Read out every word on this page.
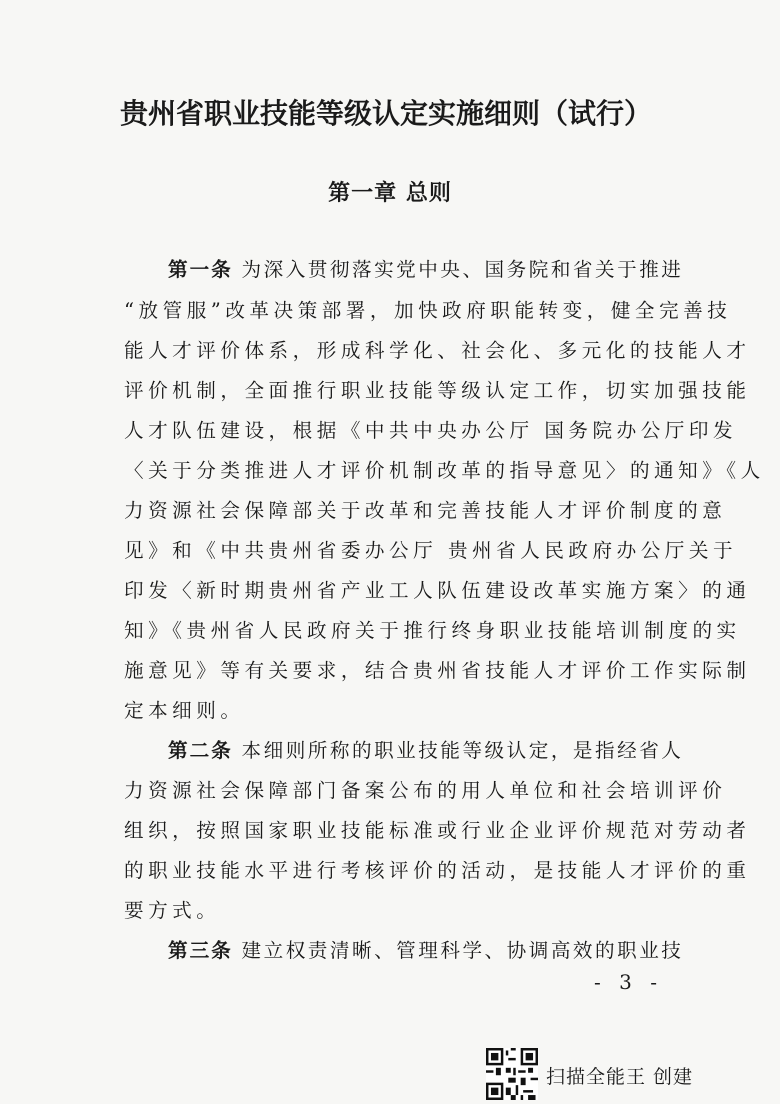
贵州省职业技能等级认定实施细则（试行）
第一章 总则
第一条 为深入贯彻落实党中央、国务院和省关于推进
“放管服”改革决策部署，加快政府职能转变，健全完善技
能人才评价体系，形成科学化、社会化、多元化的技能人才
评价机制，全面推行职业技能等级认定工作，切实加强技能
人才队伍建设，根据《中共中央办公厅 国务院办公厅印发
〈关于分类推进人才评价机制改革的指导意见〉的通知》《人
力资源社会保障部关于改革和完善技能人才评价制度的意
见》和《中共贵州省委办公厅 贵州省人民政府办公厅关于
印发〈新时期贵州省产业工人队伍建设改革实施方案〉的通
知》《贵州省人民政府关于推行终身职业技能培训制度的实
施意见》等有关要求，结合贵州省技能人才评价工作实际制
定本细则。
第二条 本细则所称的职业技能等级认定，是指经省人
力资源社会保障部门备案公布的用人单位和社会培训评价
组织，按照国家职业技能标准或行业企业评价规范对劳动者
的职业技能水平进行考核评价的活动，是技能人才评价的重
要方式。
第三条 建立权责清晰、管理科学、协调高效的职业技
- 3 -
扫描全能王 创建
